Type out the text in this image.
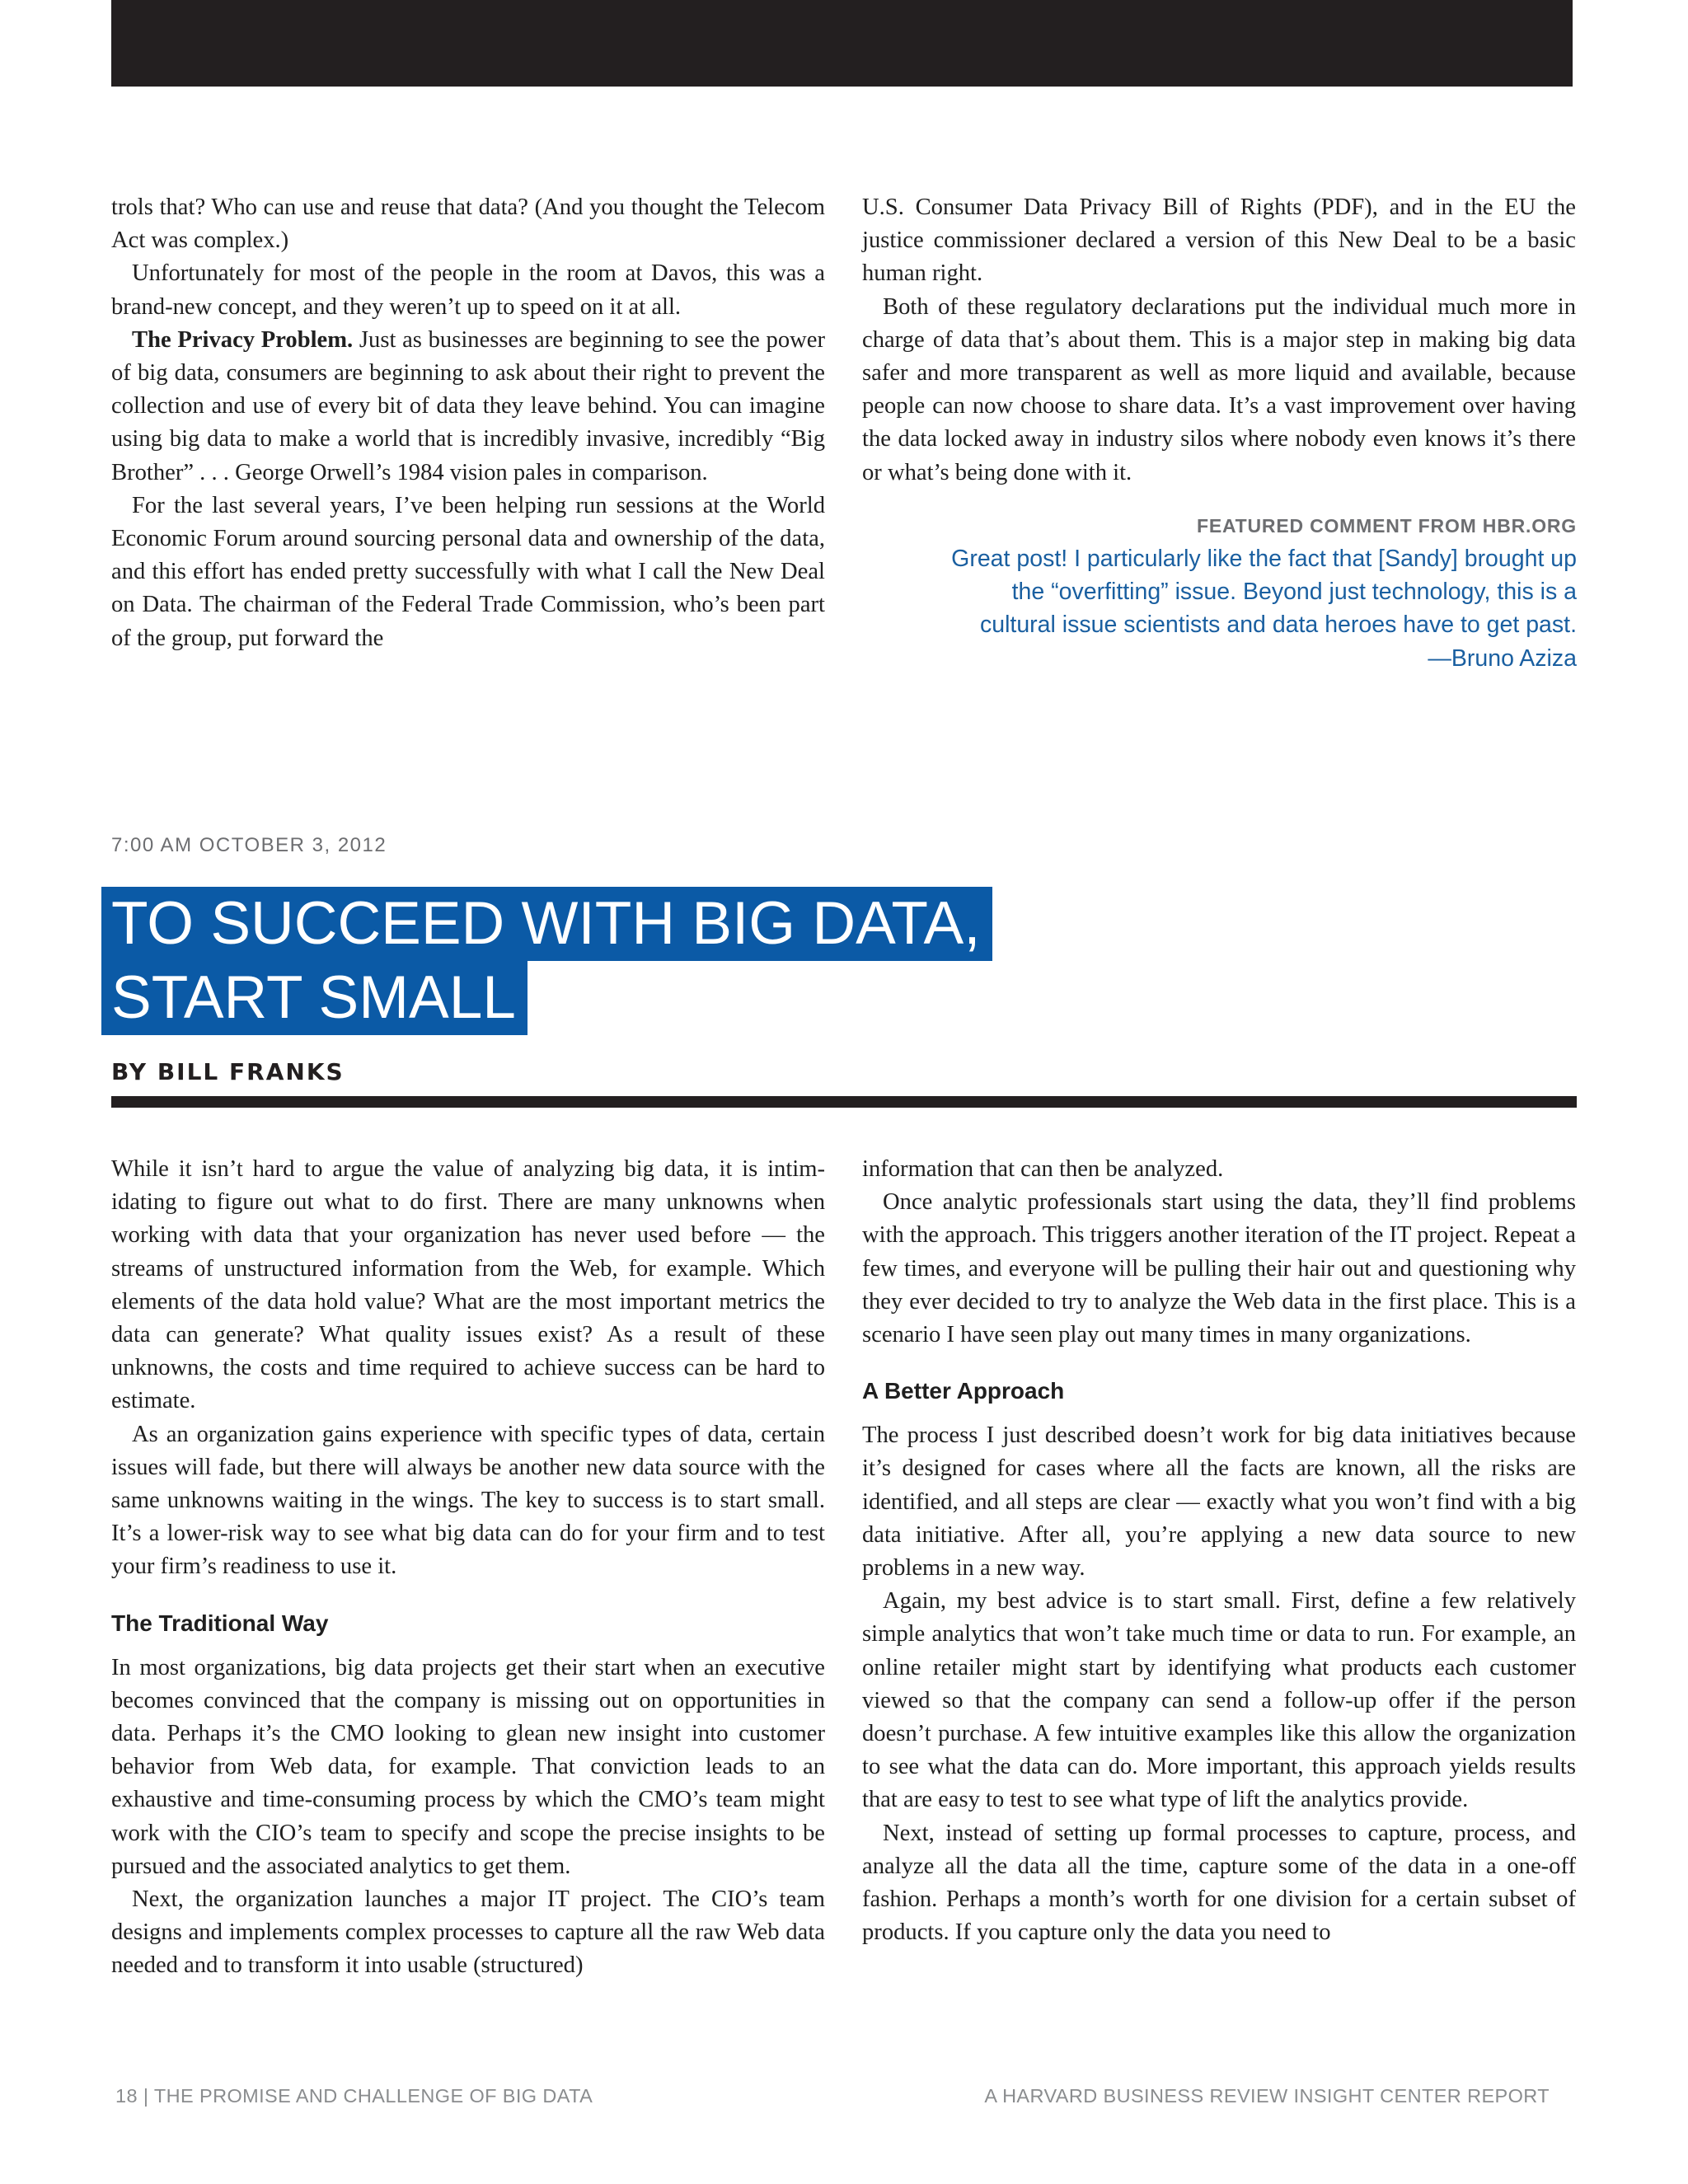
trols that? Who can use and reuse that data? (And you thought the Telecom Act was complex.)

Unfortunately for most of the people in the room at Davos, this was a brand-new concept, and they weren’t up to speed on it at all.

The Privacy Problem. Just as businesses are beginning to see the power of big data, consumers are beginning to ask about their right to prevent the collection and use of every bit of data they leave behind. You can imagine using big data to make a world that is incredibly invasive, incredibly “Big Brother” . . . George Orwell’s 1984 vision pales in comparison.

For the last several years, I’ve been helping run sessions at the World Economic Forum around sourcing personal data and ownership of the data, and this effort has ended pretty successfully with what I call the New Deal on Data. The chairman of the Federal Trade Commission, who’s been part of the group, put forward the

U.S. Consumer Data Privacy Bill of Rights (PDF), and in the EU the justice commissioner declared a version of this New Deal to be a basic human right.

Both of these regulatory declarations put the individual much more in charge of data that’s about them. This is a major step in making big data safer and more transparent as well as more liquid and available, because people can now choose to share data. It’s a vast improvement over having the data locked away in industry silos where nobody even knows it’s there or what’s being done with it.

FEATURED COMMENT FROM HBR.ORG
Great post! I particularly like the fact that [Sandy] brought up the “overfitting” issue. Beyond just technology, this is a cultural issue scientists and data heroes have to get past. —Bruno Aziza
7:00 AM OCTOBER 3, 2012
TO SUCCEED WITH BIG DATA,
START SMALL
BY BILL FRANKS

While it isn’t hard to argue the value of analyzing big data, it is intimidating to figure out what to do first. There are many unknowns when working with data that your organization has never used before — the streams of unstructured information from the Web, for example. Which elements of the data hold value? What are the most important metrics the data can generate? What quality issues exist? As a result of these unknowns, the costs and time required to achieve success can be hard to estimate.

As an organization gains experience with specific types of data, certain issues will fade, but there will always be another new data source with the same unknowns waiting in the wings. The key to success is to start small. It’s a lower-risk way to see what big data can do for your firm and to test your firm’s readiness to use it.

The Traditional Way

In most organizations, big data projects get their start when an executive becomes convinced that the company is missing out on opportunities in data. Perhaps it’s the CMO looking to glean new insight into customer behavior from Web data, for example. That conviction leads to an exhaustive and time-consuming process by which the CMO’s team might work with the CIO’s team to specify and scope the precise insights to be pursued and the associated analytics to get them.

Next, the organization launches a major IT project. The CIO’s team designs and implements complex processes to capture all the raw Web data needed and to transform it into usable (structured)

information that can then be analyzed.

Once analytic professionals start using the data, they’ll find problems with the approach. This triggers another iteration of the IT project. Repeat a few times, and everyone will be pulling their hair out and questioning why they ever decided to try to analyze the Web data in the first place. This is a scenario I have seen play out many times in many organizations.

A Better Approach

The process I just described doesn’t work for big data initiatives because it’s designed for cases where all the facts are known, all the risks are identified, and all steps are clear — exactly what you won’t find with a big data initiative. After all, you’re applying a new data source to new problems in a new way.

Again, my best advice is to start small. First, define a few relatively simple analytics that won’t take much time or data to run. For example, an online retailer might start by identifying what products each customer viewed so that the company can send a follow-up offer if the person doesn’t purchase. A few intuitive examples like this allow the organization to see what the data can do. More important, this approach yields results that are easy to test to see what type of lift the analytics provide.

Next, instead of setting up formal processes to capture, process, and analyze all the data all the time, capture some of the data in a one-off fashion. Perhaps a month’s worth for one division for a certain subset of products. If you capture only the data you need to

18 | THE PROMISE AND CHALLENGE OF BIG DATA	A HARVARD BUSINESS REVIEW INSIGHT CENTER REPORT
